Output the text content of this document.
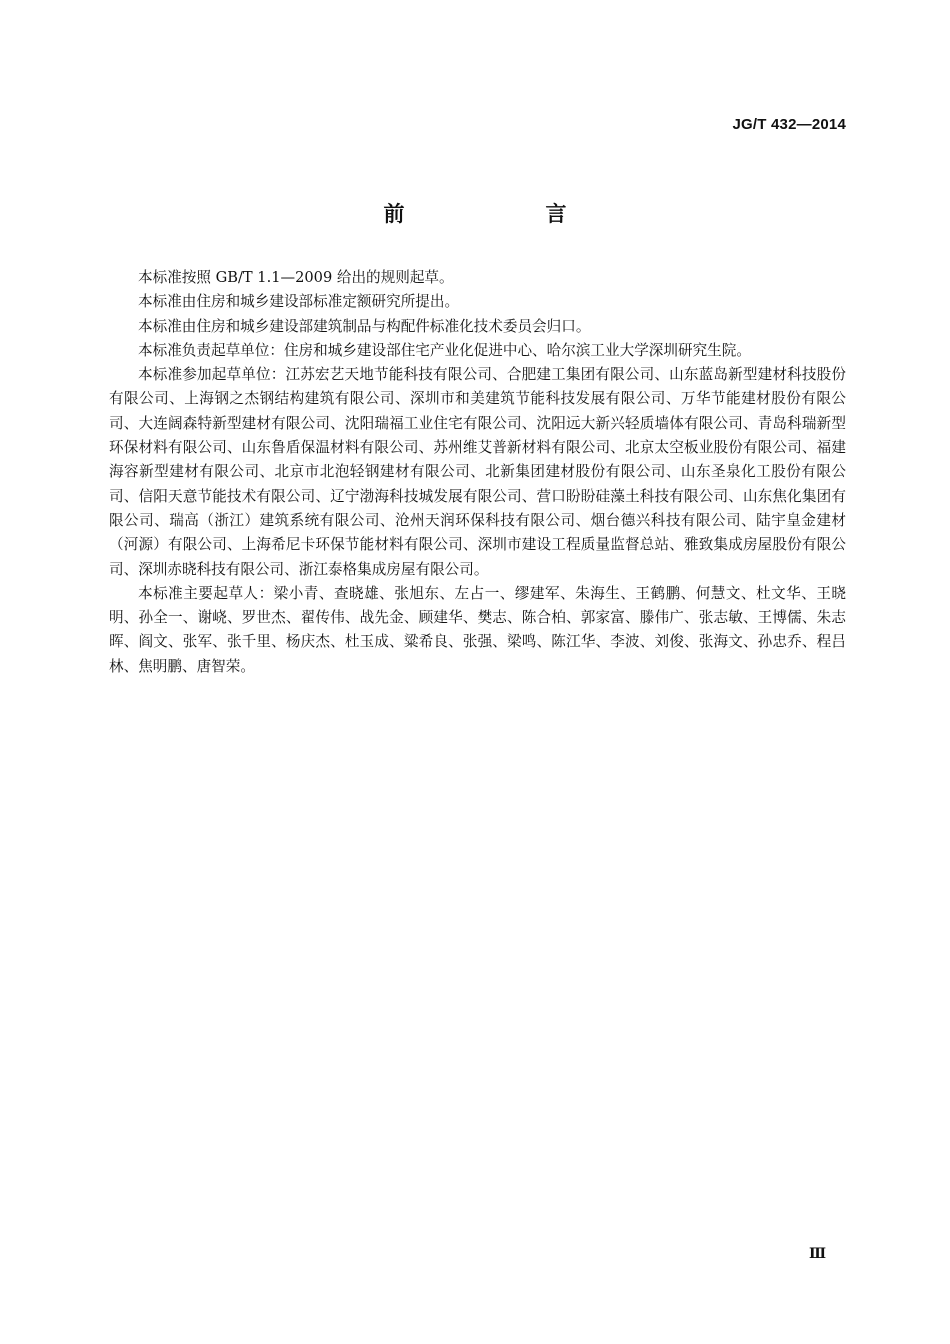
JG/T 432—2014
前　言

本标准按照 GB/T 1.1—2009 给出的规则起草。

本标准由住房和城乡建设部标准定额研究所提出。

本标准由住房和城乡建设部建筑制品与构配件标准化技术委员会归口。

本标准负责起草单位：住房和城乡建设部住宅产业化促进中心、哈尔滨工业大学深圳研究生院。

本标准参加起草单位：江苏宏艺天地节能科技有限公司、合肥建工集团有限公司、山东蓝岛新型建材科技股份有限公司、上海钢之杰钢结构建筑有限公司、深圳市和美建筑节能科技发展有限公司、万华节能建材股份有限公司、大连阔森特新型建材有限公司、沈阳瑞福工业住宅有限公司、沈阳远大新兴轻质墙体有限公司、青岛科瑞新型环保材料有限公司、山东鲁盾保温材料有限公司、苏州维艾普新材料有限公司、北京太空板业股份有限公司、福建海容新型建材有限公司、北京市北泡轻钢建材有限公司、北新集团建材股份有限公司、山东圣泉化工股份有限公司、信阳天意节能技术有限公司、辽宁渤海科技城发展有限公司、营口盼盼硅藻土科技有限公司、山东焦化集团有限公司、瑞高（浙江）建筑系统有限公司、沧州天润环保科技有限公司、烟台德兴科技有限公司、陆宇皇金建材（河源）有限公司、上海希尼卡环保节能材料有限公司、深圳市建设工程质量监督总站、雅致集成房屋股份有限公司、深圳赤晓科技有限公司、浙江泰格集成房屋有限公司。

本标准主要起草人：梁小青、查晓雄、张旭东、左占一、缪建军、朱海生、王鹤鹏、何慧文、杜文华、王晓明、孙全一、谢峣、罗世杰、翟传伟、战先金、顾建华、樊志、陈合柏、郭家富、滕伟广、张志敏、王博儒、朱志晖、阎文、张军、张千里、杨庆杰、杜玉成、粱希良、张强、梁鸣、陈江华、李波、刘俊、张海文、孙忠乔、程吕林、焦明鹏、唐智荣。

Ⅲ
